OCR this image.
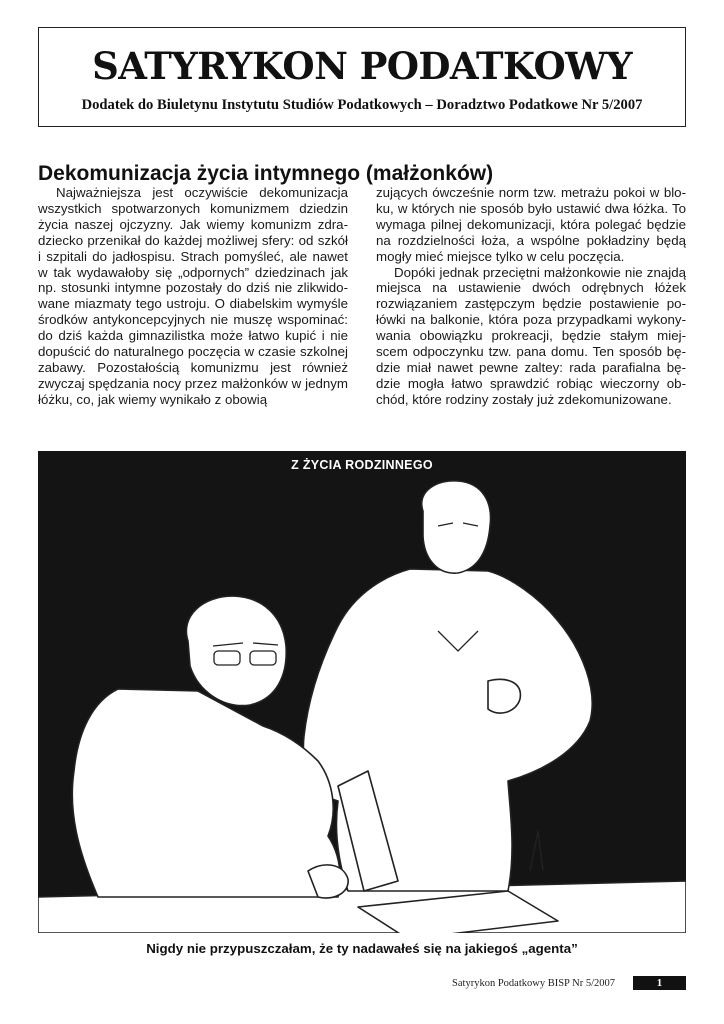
SATYRYKON PODATKOWY
Dodatek do Biuletynu Instytutu Studiów Podatkowych – Doradztwo Podatkowe Nr 5/2007
Dekomunizacja życia intymnego (małżonków)

Najważniejsza jest oczywiście dekomunizacja wszystkich spotwarzonych komunizmem dziedzin życia naszej ojczyzny. Jak wiemy komunizm zdradziecko przenikał do każdej możliwej sfery: od szkół i szpitali do jadłospisu. Strach pomyśleć, ale nawet w tak wydawałoby się „odpornych” dziedzinach jak np. stosunki intymne pozostały do dziś nie zlikwidowane miazmaty tego ustroju. O diabelskim wymyśle środków antykoncepcyjnych nie muszę wspominać: do dziś każda gimnazilistka może łatwo kupić i nie dopuścić do naturalnego poczęcia w czasie szkolnej zabawy. Pozostałością komunizmu jest również zwyczaj spędzania nocy przez małżonków w jednym łóżku, co, jak wiemy wynikało z obowią

zujących ówcześnie norm tzw. metrażu pokoi w bloku, w których nie sposób było ustawić dwa łóżka. To wymaga pilnej dekomunizacji, która polegać będzie na rozdzielności łoża, a wspólne pokładziny będą mogły mieć miejsce tylko w celu poczęcia.

Dopóki jednak przeciętni małżonkowie nie znajdą miejsca na ustawienie dwóch odrębnych łóżek rozwiązaniem zastępczym będzie postawienie połówki na balkonie, która poza przypadkami wykonywania obowiązku prokreacji, będzie stałym miejscem odpoczynku tzw. pana domu. Ten sposób będzie miał nawet pewne zaltey: rada parafialna będzie mogła łatwo sprawdzić robiąc wieczorny obchód, które rodziny zostały już zdekomunizowane.

Z ŻYCIA RODZINNEGO
Nigdy nie przypuszczałam, że ty nadawałeś się na jakiegoś „agenta”
Satyrykon Podatkowy BISP Nr 5/2007	1
